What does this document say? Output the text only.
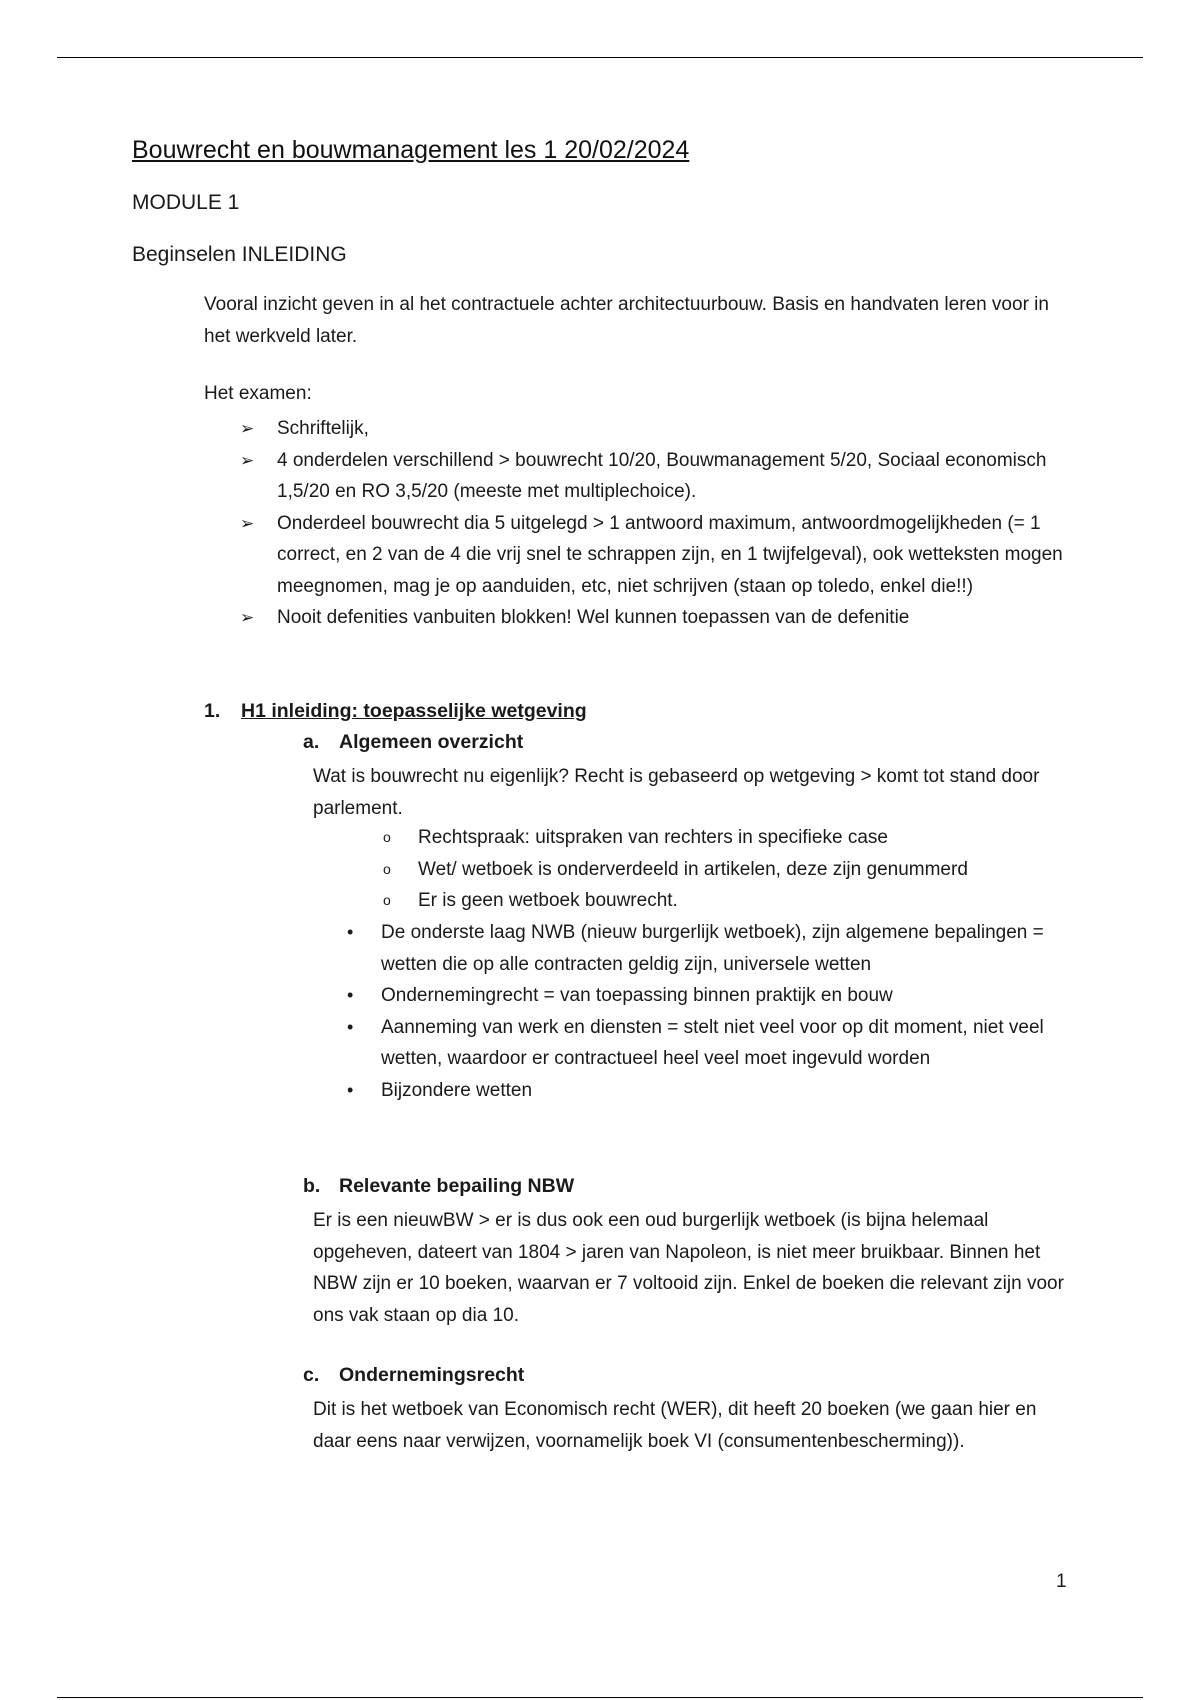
Bouwrecht en bouwmanagement les 1 20/02/2024
MODULE 1
Beginselen INLEIDING
Vooral inzicht geven in al het contractuele achter architectuurbouw. Basis en handvaten leren voor in het werkveld later.
Het examen:
➢ Schriftelijk,
➢ 4 onderdelen verschillend > bouwrecht 10/20, Bouwmanagement 5/20, Sociaal economisch 1,5/20 en RO 3,5/20 (meeste met multiplechoice).
➢ Onderdeel bouwrecht dia 5 uitgelegd > 1 antwoord maximum, antwoordmogelijkheden (= 1 correct, en 2 van de 4 die vrij snel te schrappen zijn, en 1 twijfelgeval), ook wetteksten mogen meegnomen, mag je op aanduiden, etc, niet schrijven (staan op toledo, enkel die!!)
➢ Nooit defenities vanbuiten blokken! Wel kunnen toepassen van de defenitie
1. H1 inleiding: toepasselijke wetgeving
a. Algemeen overzicht
Wat is bouwrecht nu eigenlijk? Recht is gebaseerd op wetgeving > komt tot stand door parlement.
o Rechtspraak: uitspraken van rechters in specifieke case
o Wet/ wetboek is onderverdeeld in artikelen, deze zijn genummerd
o Er is geen wetboek bouwrecht.
• De onderste laag NWB (nieuw burgerlijk wetboek), zijn algemene bepalingen = wetten die op alle contracten geldig zijn, universele wetten
• Ondernemingrecht = van toepassing binnen praktijk en bouw
• Aanneming van werk en diensten = stelt niet veel voor op dit moment, niet veel wetten, waardoor er contractueel heel veel moet ingevuld worden
• Bijzondere wetten
b. Relevante bepailing NBW
Er is een nieuwBW > er is dus ook een oud burgerlijk wetboek (is bijna helemaal opgeheven, dateert van 1804 > jaren van Napoleon, is niet meer bruikbaar. Binnen het NBW zijn er 10 boeken, waarvan er 7 voltooid zijn. Enkel de boeken die relevant zijn voor ons vak staan op dia 10.
c. Ondernemingsrecht
Dit is het wetboek van Economisch recht (WER), dit heeft 20 boeken (we gaan hier en daar eens naar verwijzen, voornamelijk boek VI (consumentenbescherming)).
1
